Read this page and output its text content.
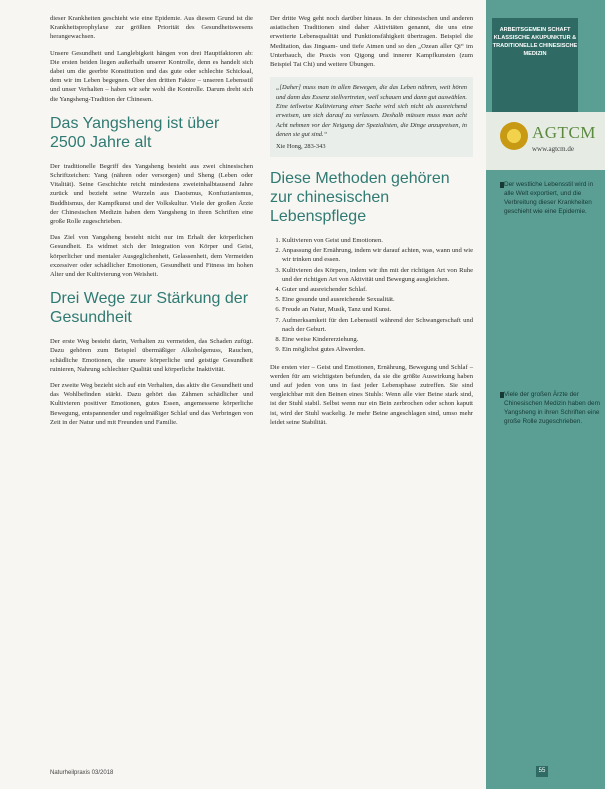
dieser Krankheiten geschieht wie eine Epidemie. Aus diesem Grund ist die Krankheitsprophylaxe zur größten Priorität des Gesundheitswesens herangewachsen.

Unsere Gesundheit und Langlebigkeit hängen von drei Hauptfaktoren ab: Die ersten beiden liegen außerhalb unserer Kontrolle, denn es handelt sich dabei um die geerbte Konstitution und das gute oder schlechte Schicksal, dem wir im Leben begegnen. Über den dritten Faktor – unseren Lebensstil und unser Verhalten – haben wir sehr wohl die Kontrolle. Darum dreht sich die Yangsheng-Tradition der Chinesen.

Das Yangsheng ist über 2500 Jahre alt

Der traditionelle Begriff des Yangsheng besteht aus zwei chinesischen Schriftzeichen: Yang (nähren oder versorgen) und Sheng (Leben oder Vitalität). Seine Geschichte reicht mindestens zweieinhalbtausend Jahre zurück und bezieht seine Wurzeln aus Daoismus, Konfuzianismus, Buddhismus, der Kampfkunst und der Volkskultur. Viele der großen Ärzte der Chinesischen Medizin haben dem Yangsheng in ihren Schriften eine große Rolle zugeschrieben.

Das Ziel von Yangsheng besteht nicht nur im Erhalt der körperlichen Gesundheit. Es widmet sich der Integration von Körper und Geist, körperlicher und mentaler Ausgeglichenheit, Gelassenheit, dem Vermeiden exzessiver oder schädlicher Emotionen, Gesundheit und Fitness im hohen Alter und der Kultivierung von Weisheit.

Drei Wege zur Stärkung der Gesundheit

Der erste Weg besteht darin, Verhalten zu vermeiden, das Schaden zufügt. Dazu gehören zum Beispiel übermäßiger Alkoholgenuss, Rauchen, schädliche Emotionen, die unsere körperliche und geistige Gesundheit ruinieren, Nahrung schlechter Qualität und körperliche Inaktivität.

Der zweite Weg bezieht sich auf ein Verhalten, das aktiv die Gesundheit und das Wohlbefinden stärkt. Dazu gehört das Zähmen schädlicher und Kultivieren positiver Emotionen, gutes Essen, angemessene körperliche Bewegung, entspannender und regelmäßiger Schlaf und das Verbringen von Zeit in der Natur und mit Freunden und Familie.

Der dritte Weg geht noch darüber hinaus. In der chinesischen und anderen asiatischen Traditionen sind daher Aktivitäten genannt, die uns eine erweiterte Lebensqualität und Funktionsfähigkeit übertragen. Beispiel die Meditation, das Jingsam- und tiefe Atmen und so den „Ozean aller Qi“ im Unterbauch, die Praxis von Qigong und innerer Kampfkunsten (zum Beispiel Tai Chi) und weitere Übungen.

„[Daher] muss man in allen Bewegen, die das Leben nähren, weit hören und dann das Essenz stellvertreten, weil schauen und dann gut auswählen. Eine teilweise Kultivierung einer Sache wird sich nicht als ausreichend erweisen, um sich darauf zu verlassen. Deshalb müssen muss man acht Acht nehmen vor der Neigung der Spezialisten, die Dinge anzupreisen, in denen sie gut sind.“
Xie Hong, 283-343
Diese Methoden gehören zur chinesischen Lebenspflege
1. Kultivieren von Geist und Emotionen.
2. Anpassung der Ernährung, indem wir darauf achten, was, wann und wie wir trinken und essen.
3. Kultivieren des Körpers, indem wir ihn mit der richtigen Art von Ruhe und der richtigen Art von Aktivität und Bewegung ausgleichen.
4. Guter und ausreichender Schlaf.
5. Eine gesunde und ausreichende Sexualität.
6. Freude an Natur, Musik, Tanz und Kunst.
7. Aufmerksamkeit für den Lebensstil während der Schwangerschaft und nach der Geburt.
8. Eine weise Kindererziehung.
9. Ein möglichst gutes Altwerden.

Die ersten vier – Geist und Emotionen, Ernährung, Bewegung und Schlaf – werden für am wichtigsten befunden, da sie die größte Auswirkung haben und auf jeden von uns in fast jeder Lebensphase zutreffen. Sie sind vergleichbar mit den Beinen eines Stuhls: Wenn alle vier Beine stark sind, ist der Stuhl stabil. Selbst wenn nur ein Bein zerbrochen oder schon kaputt ist, wird der Stuhl wackelig. Je mehr Beine angeschlagen sind, umso mehr leidet seine Stabilität.

ARBEITSGEMEIN SCHAFT KLASSISCHE AKUPUNKTUR & TRADITIONELLE CHINESISCHE MEDIZIN
AGTCM
www.agtcm.de
Der westliche Lebensstil wird in alle Welt exportiert, und die Verbreitung dieser Krankheiten geschieht wie eine Epidemie.
Viele der großen Ärzte der Chinesischen Medizin haben dem Yangsheng in ihren Schriften eine große Rolle zugeschrieben.
Naturheilpraxis 03/2018	55
